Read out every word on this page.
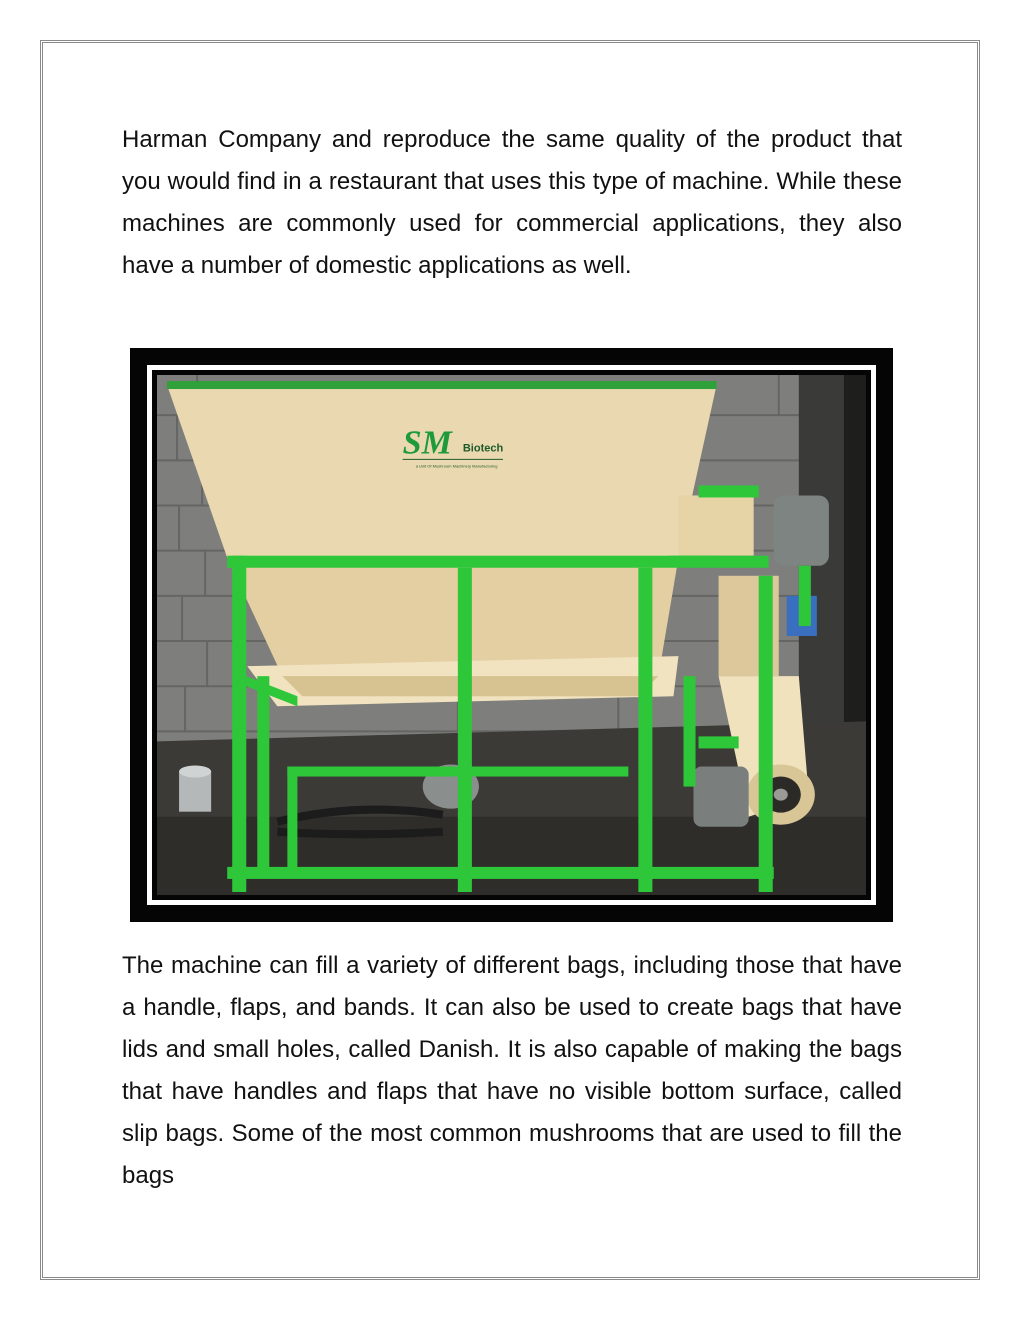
Harman Company and reproduce the same quality of the product that you would find in a restaurant that uses this type of machine. While these machines are commonly used for commercial applications, they also have a number of domestic applications as well.

SM Biotech
a Unit Of Mushroom Machinery Manufacturing

The machine can fill a variety of different bags, including those that have a handle, flaps, and bands. It can also be used to create bags that have lids and small holes, called Danish. It is also capable of making the bags that have handles and flaps that have no visible bottom surface, called slip bags. Some of the most common mushrooms that are used to fill the bags
